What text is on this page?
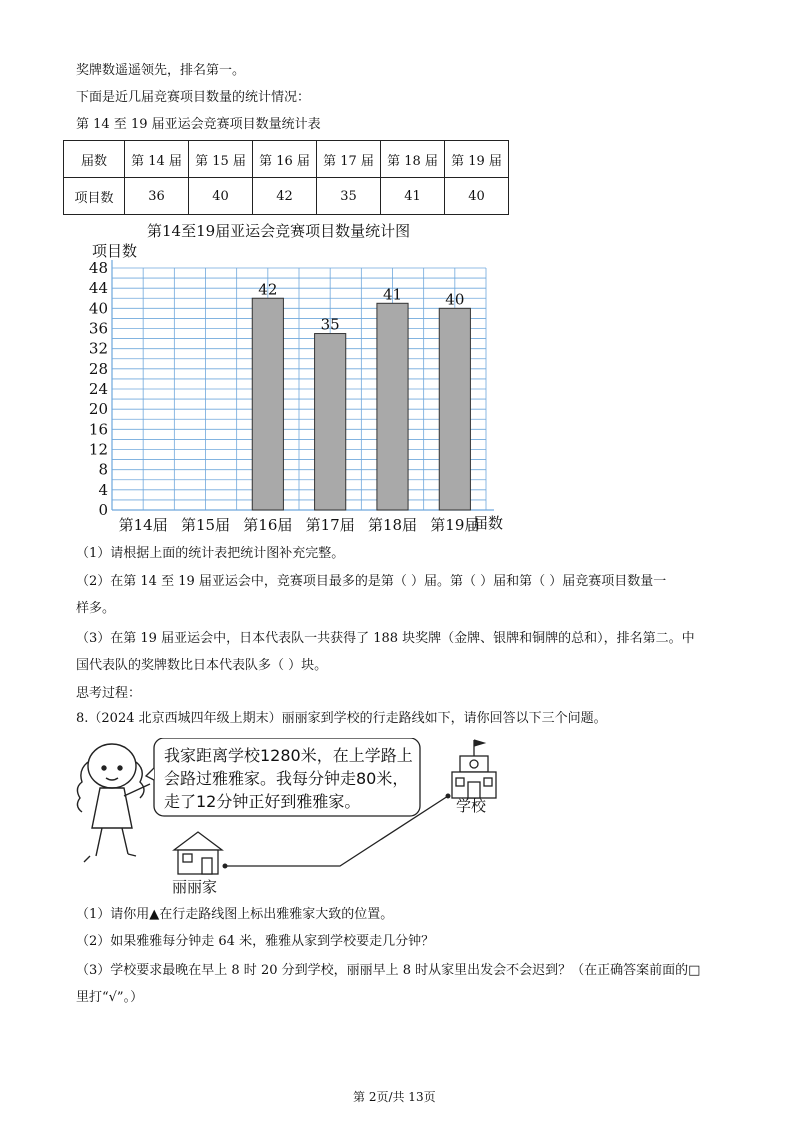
奖牌数遥遥领先，排名第一。
下面是近几届竞赛项目数量的统计情况：
第 14 至 19 届亚运会竞赛项目数量统计表
届数	第 14 届	第 15 届	第 16 届	第 17 届	第 18 届	第 19 届
项目数	36	40	42	35	41	40
第14至19届亚运会竞赛项目数量统计图
项目数
届数
0
4
8
12
16
20
24
28
32
36
40
44
48
第14届 第15届 第16届 第17届 第18届 第19届
42
35
41	40
（1）请根据上面的统计表把统计图补充完整。
（2）在第 14 至 19 届亚运会中，竞赛项目最多的是第（ ）届。第（ ）届和第（ ）届竞赛项目数量一
样多。
（3）在第 19 届亚运会中，日本代表队一共获得了 188 块奖牌（金牌、银牌和铜牌的总和），排名第二。中
国代表队的奖牌数比日本代表队多（ ）块。
思考过程：
8.（2024 北京西城四年级上期末）丽丽家到学校的行走路线如下，请你回答以下三个问题。
我家距离学校1280米，在上学路上
会路过雅雅家。我每分钟走80米，
走了12分钟正好到雅雅家。	学校
丽丽家
（1）请你用▲在行走路线图上标出雅雅家大致的位置。
（2）如果雅雅每分钟走 64 米，雅雅从家到学校要走几分钟？
（3）学校要求最晚在早上 8 时 20 分到学校，丽丽早上 8 时从家里出发会不会迟到？（在正确答案前面的□
里打“√”。）
第 2页/共 13页
